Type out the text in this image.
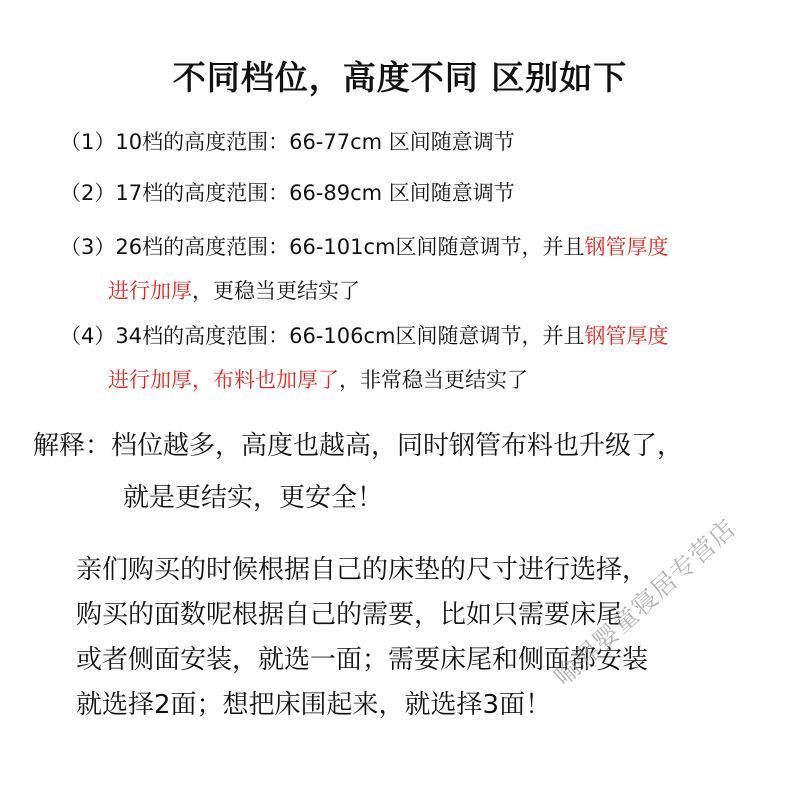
不同档位，高度不同 区别如下
（1）10档的高度范围：66-77cm 区间随意调节
（2）17档的高度范围：66-89cm 区间随意调节
（3）26档的高度范围：66-101cm区间随意调节，并且钢管厚度
进行加厚，更稳当更结实了
（4）34档的高度范围：66-106cm区间随意调节，并且钢管厚度
进行加厚，布料也加厚了，非常稳当更结实了
解释：档位越多，高度也越高，同时钢管布料也升级了，
就是更结实，更安全！
亲们购买的时候根据自己的床垫的尺寸进行选择，
购买的面数呢根据自己的需要，比如只需要床尾
或者侧面安装，就选一面；需要床尾和侧面都安装
就选择2面；想把床围起来，就选择3面！
喻羿婴童寝居专营店
